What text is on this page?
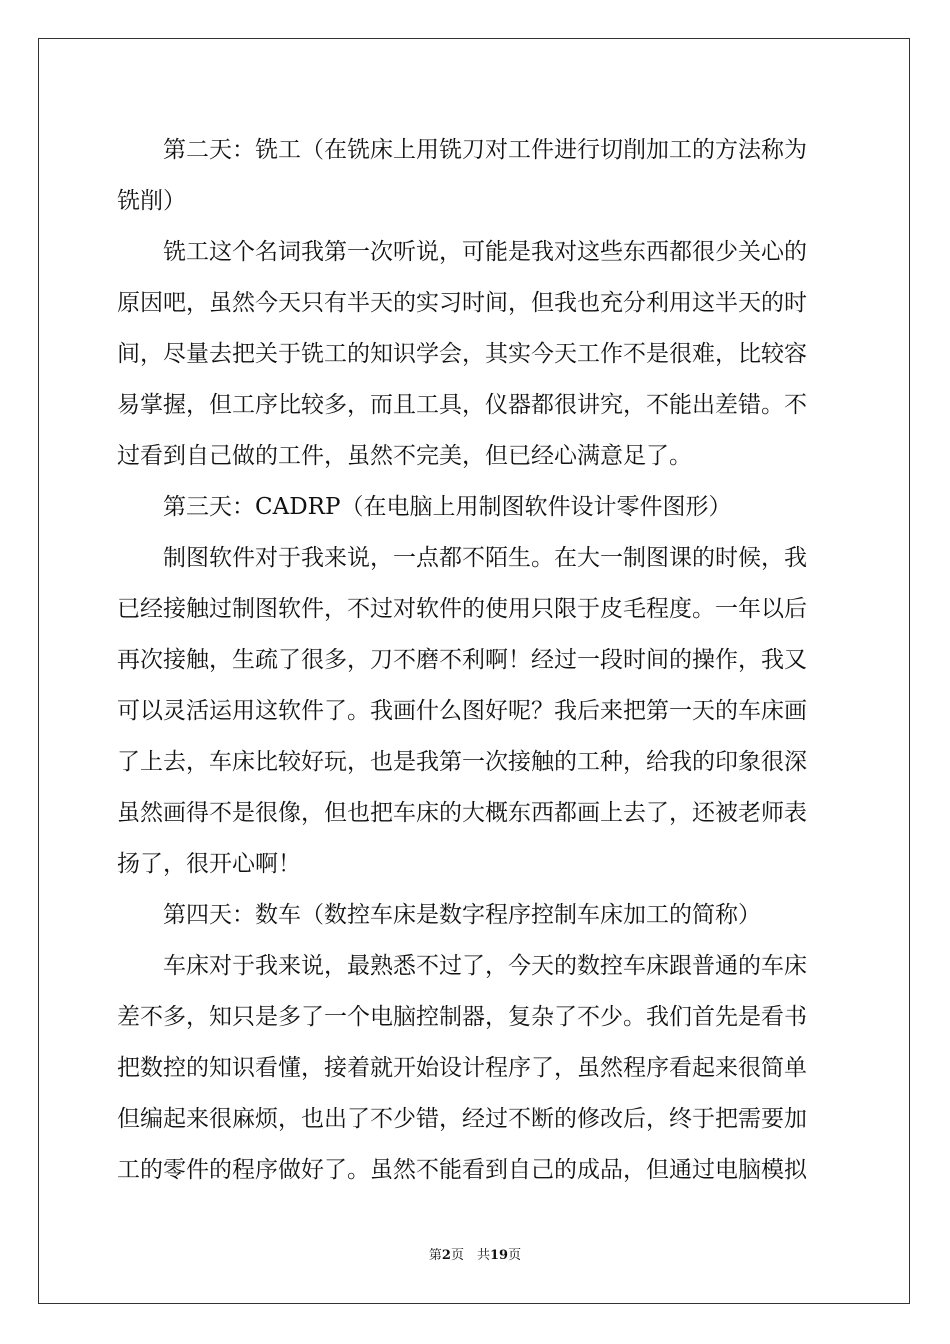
第二天：铣工（在铣床上用铣刀对工件进行切削加工的方法称为
铣削）
铣工这个名词我第一次听说，可能是我对这些东西都很少关心的
原因吧，虽然今天只有半天的实习时间，但我也充分利用这半天的时
间，尽量去把关于铣工的知识学会，其实今天工作不是很难，比较容
易掌握，但工序比较多，而且工具，仪器都很讲究，不能出差错。不
过看到自己做的工件，虽然不完美，但已经心满意足了。
第三天：CADRP（在电脑上用制图软件设计零件图形）
制图软件对于我来说，一点都不陌生。在大一制图课的时候，我
已经接触过制图软件，不过对软件的使用只限于皮毛程度。一年以后
再次接触，生疏了很多，刀不磨不利啊！经过一段时间的操作，我又
可以灵活运用这软件了。我画什么图好呢？我后来把第一天的车床画
了上去，车床比较好玩，也是我第一次接触的工种，给我的印象很深
虽然画得不是很像，但也把车床的大概东西都画上去了，还被老师表
扬了，很开心啊！
第四天：数车（数控车床是数字程序控制车床加工的简称）
车床对于我来说，最熟悉不过了，今天的数控车床跟普通的车床
差不多，知只是多了一个电脑控制器，复杂了不少。我们首先是看书
把数控的知识看懂，接着就开始设计程序了，虽然程序看起来很简单
但编起来很麻烦，也出了不少错，经过不断的修改后，终于把需要加
工的零件的程序做好了。虽然不能看到自己的成品，但通过电脑模拟
第2页　共19页
